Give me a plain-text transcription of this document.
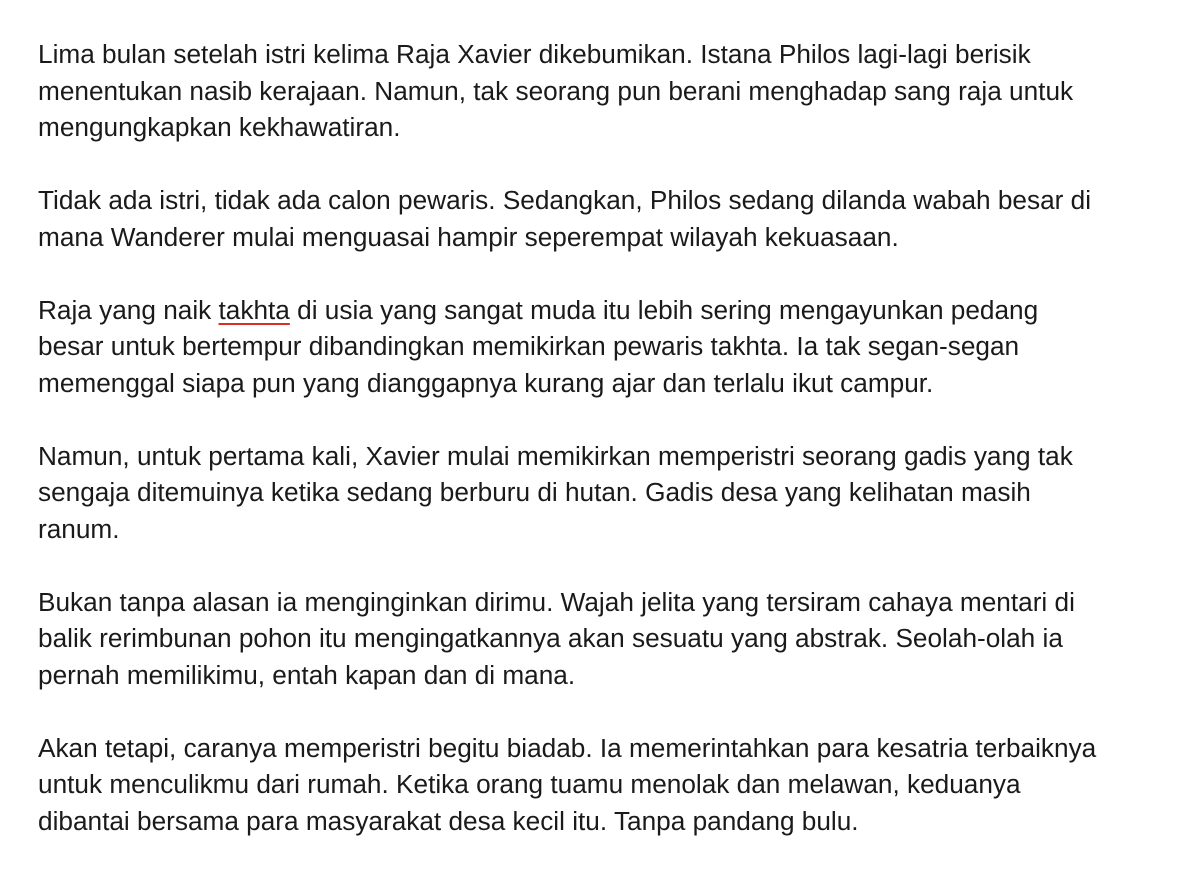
Lima bulan setelah istri kelima Raja Xavier dikebumikan. Istana Philos lagi-lagi berisik
menentukan nasib kerajaan. Namun, tak seorang pun berani menghadap sang raja untuk
mengungkapkan kekhawatiran.

Tidak ada istri, tidak ada calon pewaris. Sedangkan, Philos sedang dilanda wabah besar di
mana Wanderer mulai menguasai hampir seperempat wilayah kekuasaan.

Raja yang naik takhta di usia yang sangat muda itu lebih sering mengayunkan pedang
besar untuk bertempur dibandingkan memikirkan pewaris takhta. Ia tak segan-segan
memenggal siapa pun yang dianggapnya kurang ajar dan terlalu ikut campur.

Namun, untuk pertama kali, Xavier mulai memikirkan memperistri seorang gadis yang tak
sengaja ditemuinya ketika sedang berburu di hutan. Gadis desa yang kelihatan masih
ranum.

Bukan tanpa alasan ia menginginkan dirimu. Wajah jelita yang tersiram cahaya mentari di
balik rerimbunan pohon itu mengingatkannya akan sesuatu yang abstrak. Seolah-olah ia
pernah memilikimu, entah kapan dan di mana.

Akan tetapi, caranya memperistri begitu biadab. Ia memerintahkan para kesatria terbaiknya
untuk menculikmu dari rumah. Ketika orang tuamu menolak dan melawan, keduanya
dibantai bersama para masyarakat desa kecil itu. Tanpa pandang bulu.
